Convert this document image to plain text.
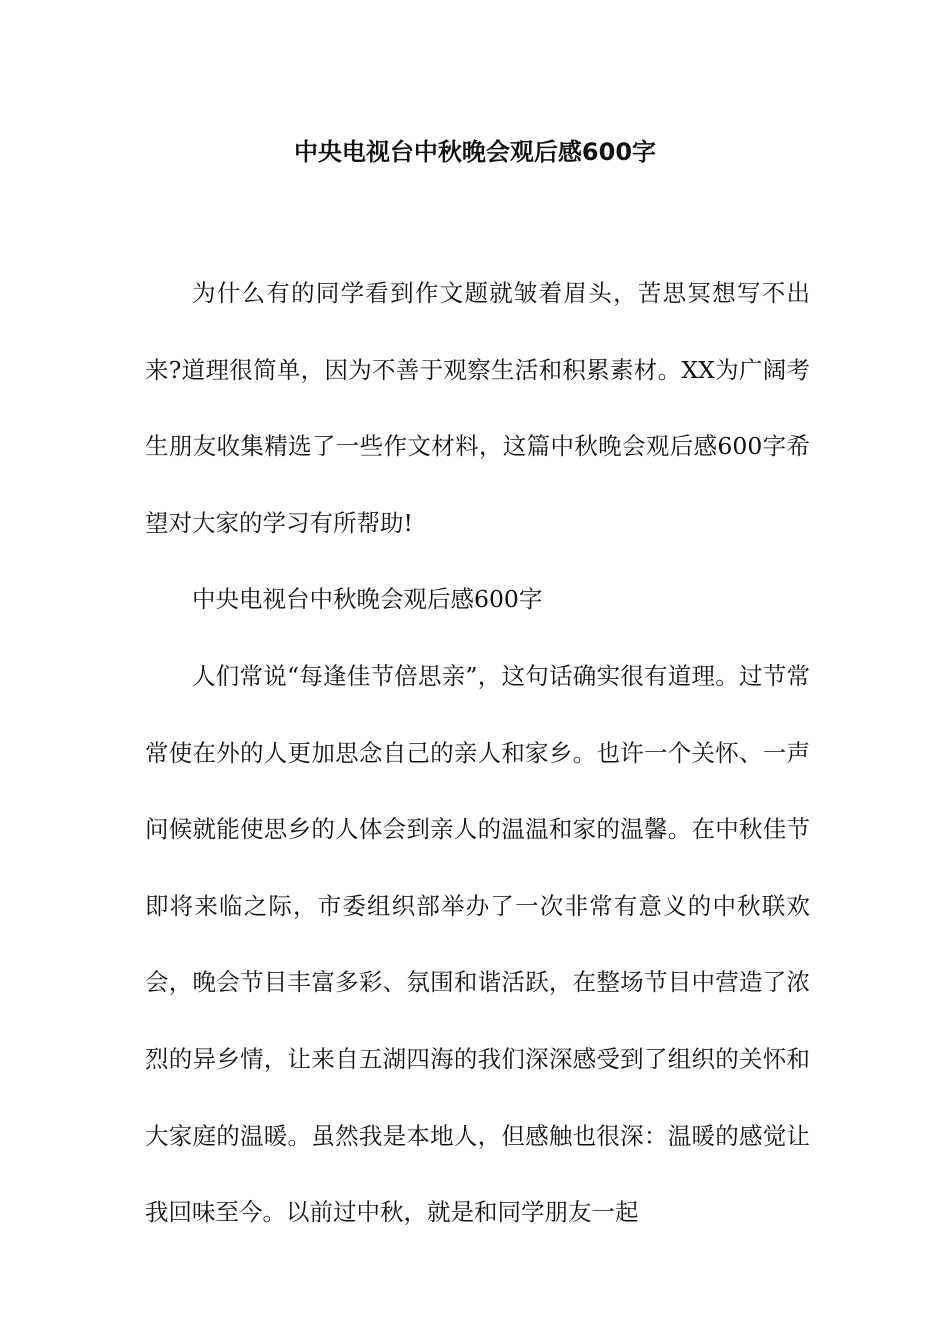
中央电视台中秋晚会观后感600字

为什么有的同学看到作文题就皱着眉头，苦思冥想写不出来?道理很简单，因为不善于观察生活和积累素材。XX为广阔考生朋友收集精选了一些作文材料，这篇中秋晚会观后感600字希望对大家的学习有所帮助!

中央电视台中秋晚会观后感600字

人们常说“每逢佳节倍思亲”，这句话确实很有道理。过节常常使在外的人更加思念自己的亲人和家乡。也许一个关怀、一声问候就能使思乡的人体会到亲人的温温和家的温馨。在中秋佳节即将来临之际，市委组织部举办了一次非常有意义的中秋联欢会，晚会节目丰富多彩、氛围和谐活跃，在整场节目中营造了浓烈的异乡情，让来自五湖四海的我们深深感受到了组织的关怀和大家庭的温暖。虽然我是本地人，但感触也很深：温暖的感觉让我回味至今。以前过中秋，就是和同学朋友一起
